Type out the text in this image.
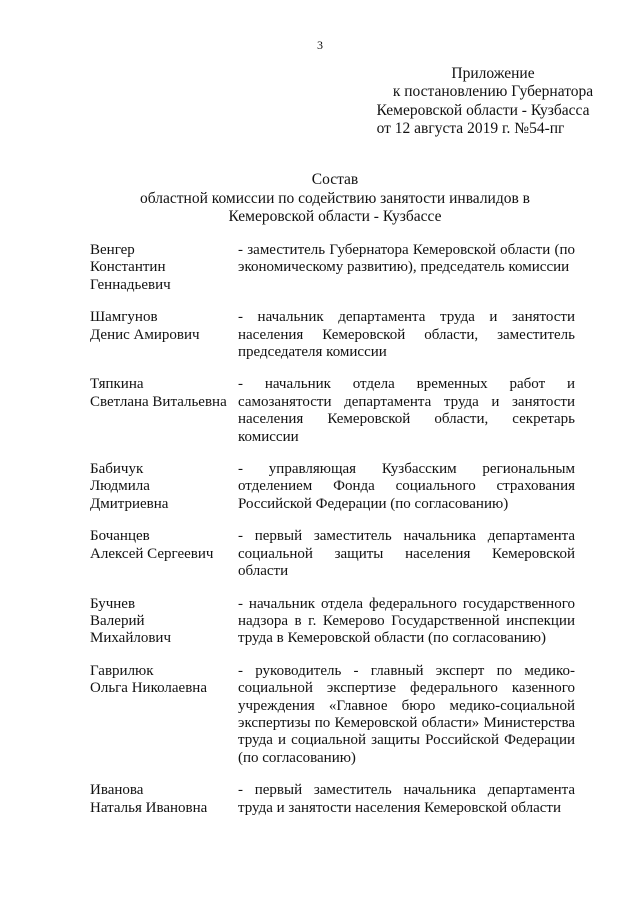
3
Приложение
к постановлению Губернатора
Кемеровской области - Кузбасса
от 12 августа 2019 г. №54-пг
Состав
областной комиссии по содействию занятости инвалидов в
Кемеровской области - Кузбассе
Венгер
Константин
Геннадьевич
- заместитель Губернатора Кемеровской области (по экономическому развитию), председатель комиссии
Шамгунов
Денис Амирович
- начальник департамента труда и занятости населения Кемеровской области, заместитель председателя комиссии
Тяпкина
Светлана Витальевна
- начальник отдела временных работ и самозанятости департамента труда и занятости населения Кемеровской области, секретарь комиссии
Бабичук
Людмила
Дмитриевна
- управляющая Кузбасским региональным отделением Фонда социального страхования Российской Федерации (по согласованию)
Бочанцев
Алексей Сергеевич
- первый заместитель начальника департамента социальной защиты населения Кемеровской области
Бучнев
Валерий
Михайлович
- начальник отдела федерального государственного надзора в г. Кемерово Государственной инспекции труда в Кемеровской области (по согласованию)
Гаврилюк
Ольга Николаевна
- руководитель - главный эксперт по медико-социальной экспертизе федерального казенного учреждения «Главное бюро медико-социальной экспертизы по Кемеровской области» Министерства труда и социальной защиты Российской Федерации (по согласованию)
Иванова
Наталья Ивановна
- первый заместитель начальника департамента труда и занятости населения Кемеровской области
